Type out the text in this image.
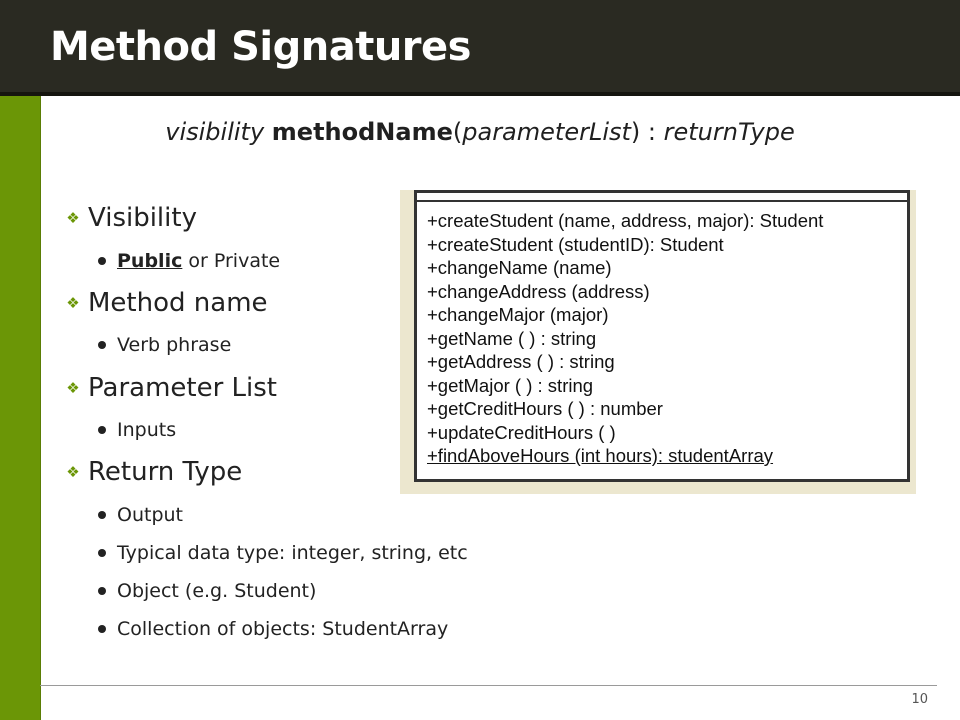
Method Signatures
visibility methodName(parameterList) : returnType
❖ Visibility
Public or Private
❖ Method name
Verb phrase
❖ Parameter List
Inputs
❖ Return Type
Output
Typical data type: integer, string, etc
Object (e.g. Student)
Collection of objects: StudentArray
+createStudent (name, address, major): Student
+createStudent (studentID): Student
+changeName (name)
+changeAddress (address)
+changeMajor (major)
+getName ( ) : string
+getAddress ( ) : string
+getMajor ( ) : string
+getCreditHours ( ) : number
+updateCreditHours ( )
+findAboveHours (int hours): studentArray
10
